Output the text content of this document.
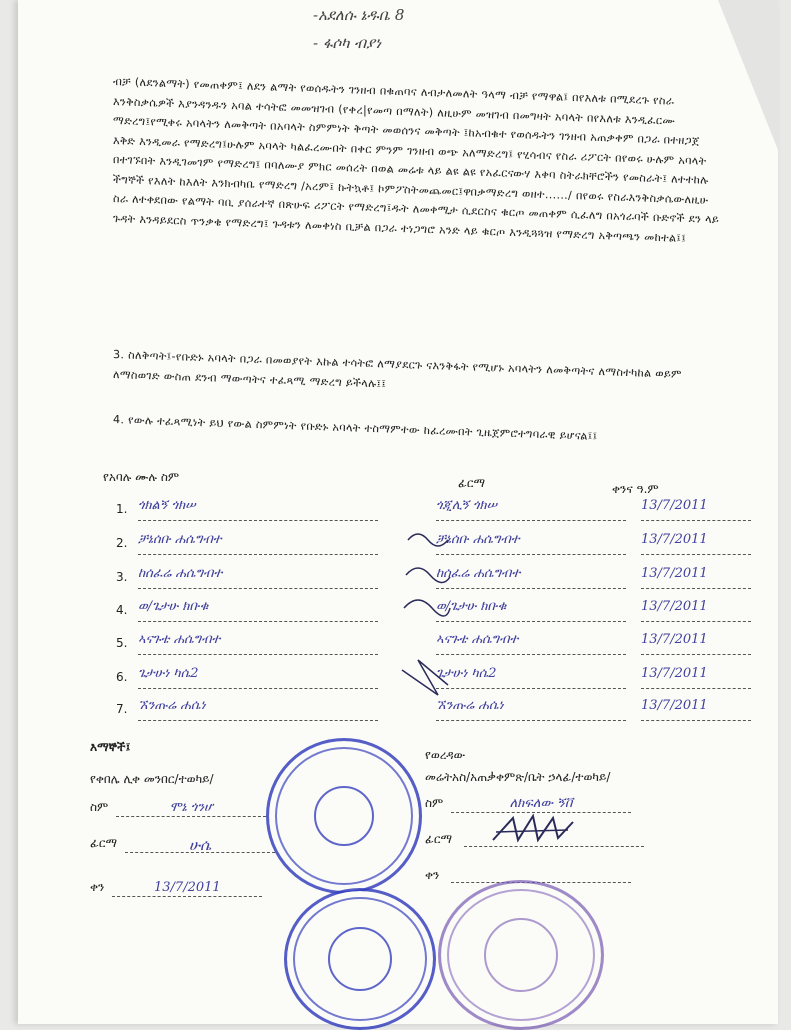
-አደለሱ ኔዱቤ 8
- ፋሶካ ብያነ
ብቻ (ለደንልማት) የመጠቀም፤ ለደን ልማት የወሰዱትን ገንዘብ በቁጠባና ለብታለመለት ዓላማ ብቻ የማዋል፤ በየእለቱ በሚደረጉ የስራ እንቅስቃሴዎች እያንዳንዱን አባል ተሳትፎ መመዝገብ (የቀረ|የመጣ በማለት) ለዚሁም መዝገብ በመግዛት አባላት በየእለቱ እንዲፈርሙ ማድረግ፤የሚቀሩ አባላትን ለመቅጣት በአባላት ስምምነት ቅጣት መወሰንና መቅጣት ፤ከአብቁተ የወሰዱትን ገንዘብ አጠቃቀም በጋራ በተዘጋጀ እቅድ እንዲመራ የማድረግ፤ሁሉም አባላት ካልፈረሙበት በቀር ምንም ገንዘብ ወጭ አለማድረግ፤ የሂሳብና የስራ ሪፖርት በየወሩ ሁሉም አባላት በተገኙበት እንዲገመገም የማድረግ፤ በባለሙያ ምክር መሰረት በወል መሬቱ ላይ ልዩ ልዩ የአፈርናውሃ እቀባ ስትራክቸሮችን የመስራት፤ ለተተከሉ ችግኞች የእለት ከእለት እንክብካቤ የማድረግ /አረም፤ ኩትኳቶ፤ ኮምፖስትመጨመር፤ዋበቃማድረግ ወዘተ....../ በየወሩ የስራእንቅስቃሴውለዚሁ ስራ ለተቀደበው የልማት ባቢ ያሰራተኛ በጽሁፍ ሪፖርት የማድረግ፤ዱት ለመቀሚታ ሲደርስና ቁርጦ መጠቀም ሲፈለግ በአጎራባች ቡድኖች ደን ላይ ጉዳት እንዳይደርስ ጥንቃቄ የማድረግ፤ ጉዳቱን ለመቀነስ ቢቻል በጋራ ተነጋግሮ አንድ ላይ ቁርጦ እንዲጓጓዝ የማድረግ አቅጣጫን መከተል፤፤
3. ስለቅጣት፤-የቡድኑ አባላት በጋራ በመወያየት እኩል ተሳትፎ ለማያደርጉ ናእንቅፋት የሚሆኑ አባላትን ለመቅጣትና ለማስተካከል ወይም ለማስወገድ ውስጠ ደንብ ማውጣትና ተፈጻሚ ማድረግ ይችላሉ፤፤
4. የውሉ ተፈጻሚነት ይህ የውል ስምምነት የቡድኑ አባላት ተስማምተው ከፈረሙበት ጊዜጀምሮተግባራዊ ይሆናል፤፤
የአባሉ ሙሉ ስም	ፊርማ	ቀንና ዓ.ም
1. ጎክልኝ ጎክሠ	ጎጂሊኝ ጎክሠ	13/7/2011
2. ቻኔሰቡ ሐሴግብተ	ቻኔሰቡ ሐሴግብተ	13/7/2011
3. ከሰፈሬ ሐሴግብተ	ከሰፈሬ ሐሴግብተ	13/7/2011
4. ወ/ጌታሁ ክቡቁ	ወ/ጌታሁ ክቡቁ	13/7/2011
5. ኣናጉቴ ሐሴግብተ	ኣናጉቴ ሐሴግብተ	13/7/2011
6. ጌታሁነ ካሴ2	ጌታሁነ ካሴ2	13/7/2011
7. ኧንጡሬ ሐሴነ	ኧንጡሬ ሐሴነ	13/7/2011
እማኞች፤
የቀበሌ ሊቀ መንበር/ተወካይ/
ስም	ሞኔ ጎንሆ
ፊርማ	ሁሴ
ቀን	13/7/2011
የወረዳው
መሬትአስ/አጠቃቀምጽ/ቤት ኃላፊ/ተወካይ/
ስም	ለክፍለው ኝቨ
ፊርማ
ቀን
